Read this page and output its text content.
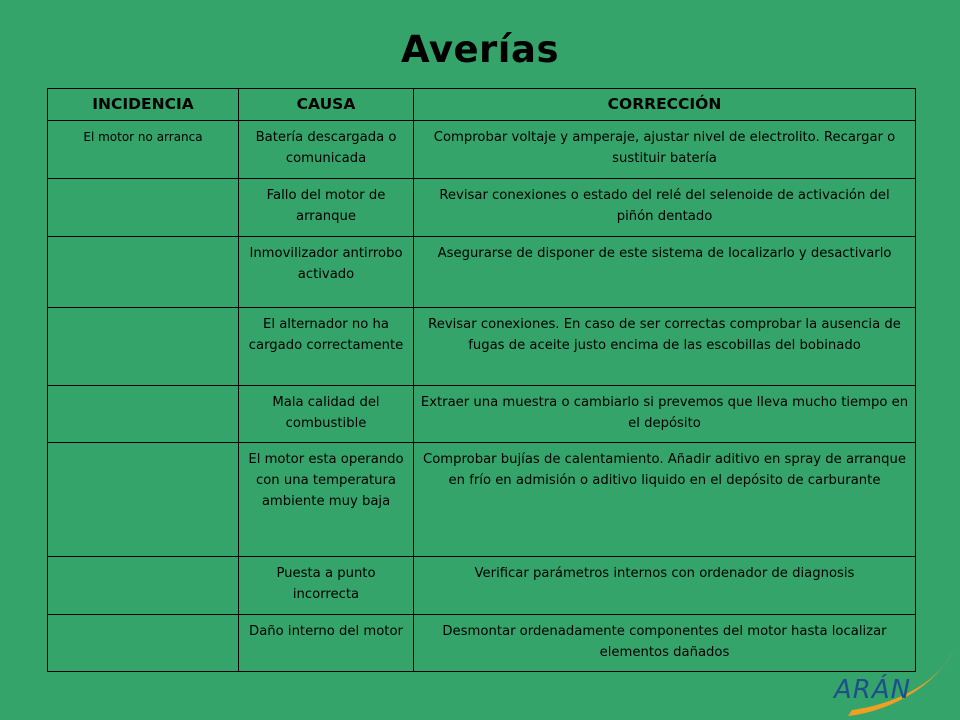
Averías
INCIDENCIA	CAUSA	CORRECCIÓN
El motor no arranca	Batería descargada o comunicada	Comprobar voltaje y amperaje, ajustar nivel de electrolito. Recargar o sustituir batería
	Fallo del motor de arranque	Revisar conexiones o estado del relé del selenoide de activación del piñón dentado
	Inmovilizador antirrobo activado	Asegurarse de disponer de este sistema de localizarlo y desactivarlo
	El alternador no ha cargado correctamente	Revisar conexiones. En caso de ser correctas comprobar la ausencia de fugas de aceite justo encima de las escobillas del bobinado
	Mala calidad del combustible	Extraer una muestra o cambiarlo si prevemos que lleva mucho tiempo en el depósito
	El motor esta operando con una temperatura ambiente muy baja	Comprobar bujías de calentamiento. Añadir aditivo en spray de arranque en frío en admisión o aditivo liquido en el depósito de carburante
	Puesta a punto incorrecta	Verificar parámetros internos con ordenador de diagnosis
	Daño interno del motor	Desmontar ordenadamente componentes del motor hasta localizar elementos dañados
ARÁN
